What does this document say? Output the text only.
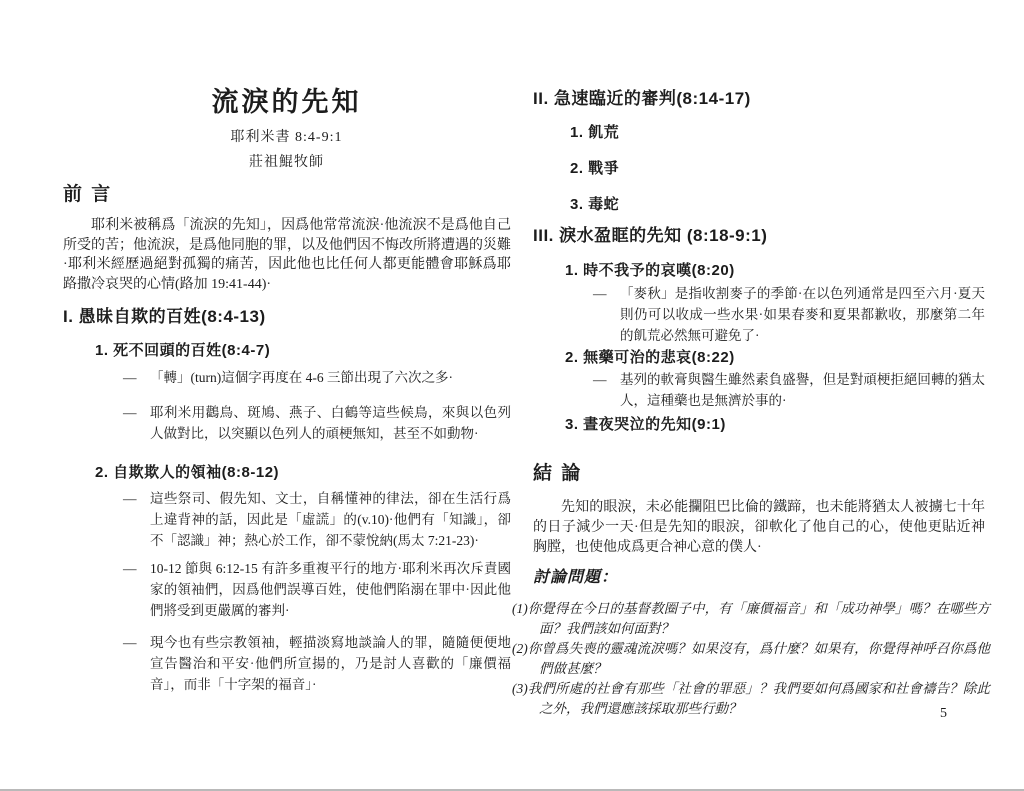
流淚的先知
耶利米書 8:4-9:1
莊祖鯤牧師
前 言
耶利米被稱爲「流淚的先知」，因爲他常常流淚·他流淚不是爲他自己所受的苦；他流淚，是爲他同胞的罪，以及他們因不悔改所將遭遇的災難·耶利米經歷過絕對孤獨的痛苦，因此他也比任何人都更能體會耶穌爲耶路撒冷哀哭的心情(路加 19:41-44)·
I. 愚昧自欺的百姓(8:4-13)
1. 死不回頭的百姓(8:4-7)
—	「轉」(turn)這個字再度在 4-6 三節出現了六次之多·
—	耶利米用鸛鳥、斑鳩、燕子、白鶴等這些候鳥，來與以色列人做對比，以突顯以色列人的頑梗無知，甚至不如動物·
2. 自欺欺人的領袖(8:8-12)
—	這些祭司、假先知、文士，自稱懂神的律法，卻在生活行爲上違背神的話，因此是「虛謊」的(v.10)·他們有「知識」，卻不「認識」神；熱心於工作，卻不蒙悅納(馬太 7:21-23)·
—	10-12 節與 6:12-15 有許多重複平行的地方·耶利米再次斥責國家的領袖們，因爲他們誤導百姓，使他們陷溺在罪中·因此他們將受到更嚴厲的審判·
—	現今也有些宗教領袖，輕描淡寫地談論人的罪，隨隨便便地宣告醫治和平安·他們所宣揚的，乃是討人喜歡的「廉價福音」，而非「十字架的福音」·
II. 急速臨近的審判(8:14-17)
1. 飢荒
2. 戰爭
3. 毒蛇
III. 淚水盈眶的先知 (8:18-9:1)
1. 時不我予的哀嘆(8:20)
—	「麥秋」是指收割麥子的季節·在以色列通常是四至六月·夏天則仍可以收成一些水果·如果春麥和夏果都歉收，那麼第二年的飢荒必然無可避免了·
2. 無藥可治的悲哀(8:22)
—	基列的軟膏與醫生雖然素負盛譽，但是對頑梗拒絕回轉的猶太人，這種藥也是無濟於事的·
3. 晝夜哭泣的先知(9:1)
結 論
先知的眼淚，未必能攔阻巴比倫的鐵蹄，也未能將猶太人被擄七十年的日子減少一天·但是先知的眼淚，卻軟化了他自己的心，使他更貼近神胸膛，也使他成爲更合神心意的僕人·
討論問題：
(1)你覺得在今日的基督教圈子中，有「廉價福音」和「成功神學」嗎？在哪些方面？我們該如何面對？
(2)你曾爲失喪的靈魂流淚嗎？如果沒有，爲什麼？如果有，你覺得神呼召你爲他們做甚麼？
(3)我們所處的社會有那些「社會的罪惡」？我們要如何爲國家和社會禱告？除此之外，我們還應該採取那些行動？	5
